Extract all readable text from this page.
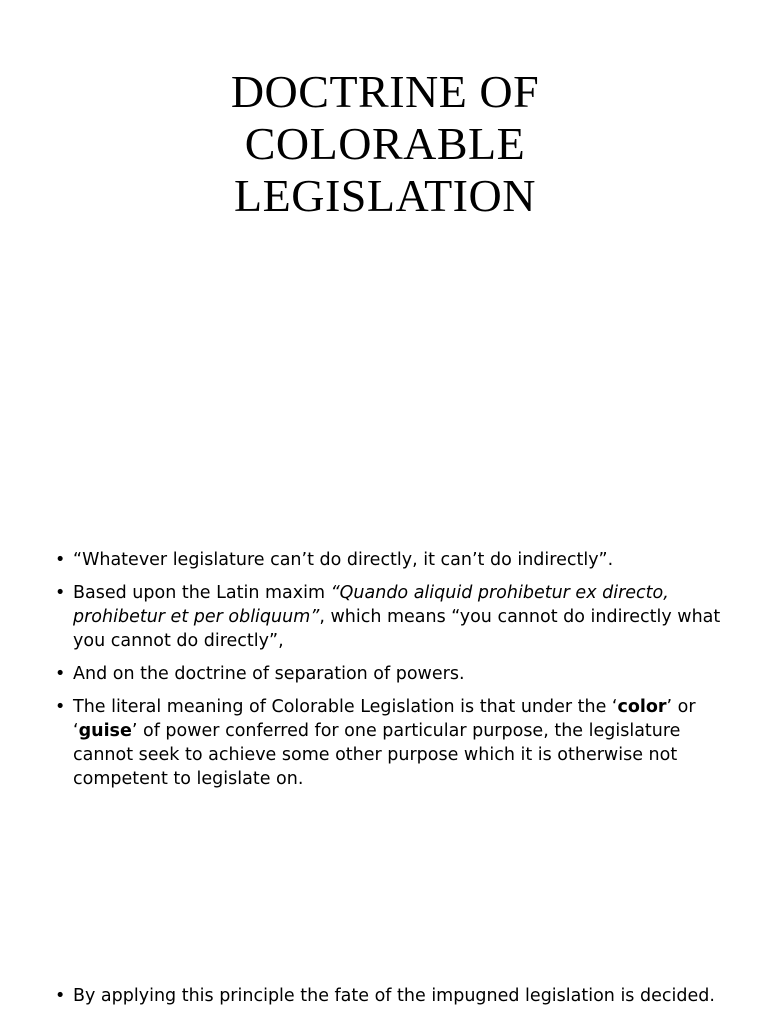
DOCTRINE OF
COLORABLE
LEGISLATION
• “Whatever legislature can’t do directly, it can’t do indirectly”.
• Based upon the Latin maxim “Quando aliquid prohibetur ex directo, prohibetur et per obliquum”, which means “you cannot do indirectly what you cannot do directly”,
• And on the doctrine of separation of powers.
• The literal meaning of Colorable Legislation is that under the ‘color’ or ‘guise’ of power conferred for one particular purpose, the legislature cannot seek to achieve some other purpose which it is otherwise not competent to legislate on.
• By applying this principle the fate of the impugned legislation is decided.
